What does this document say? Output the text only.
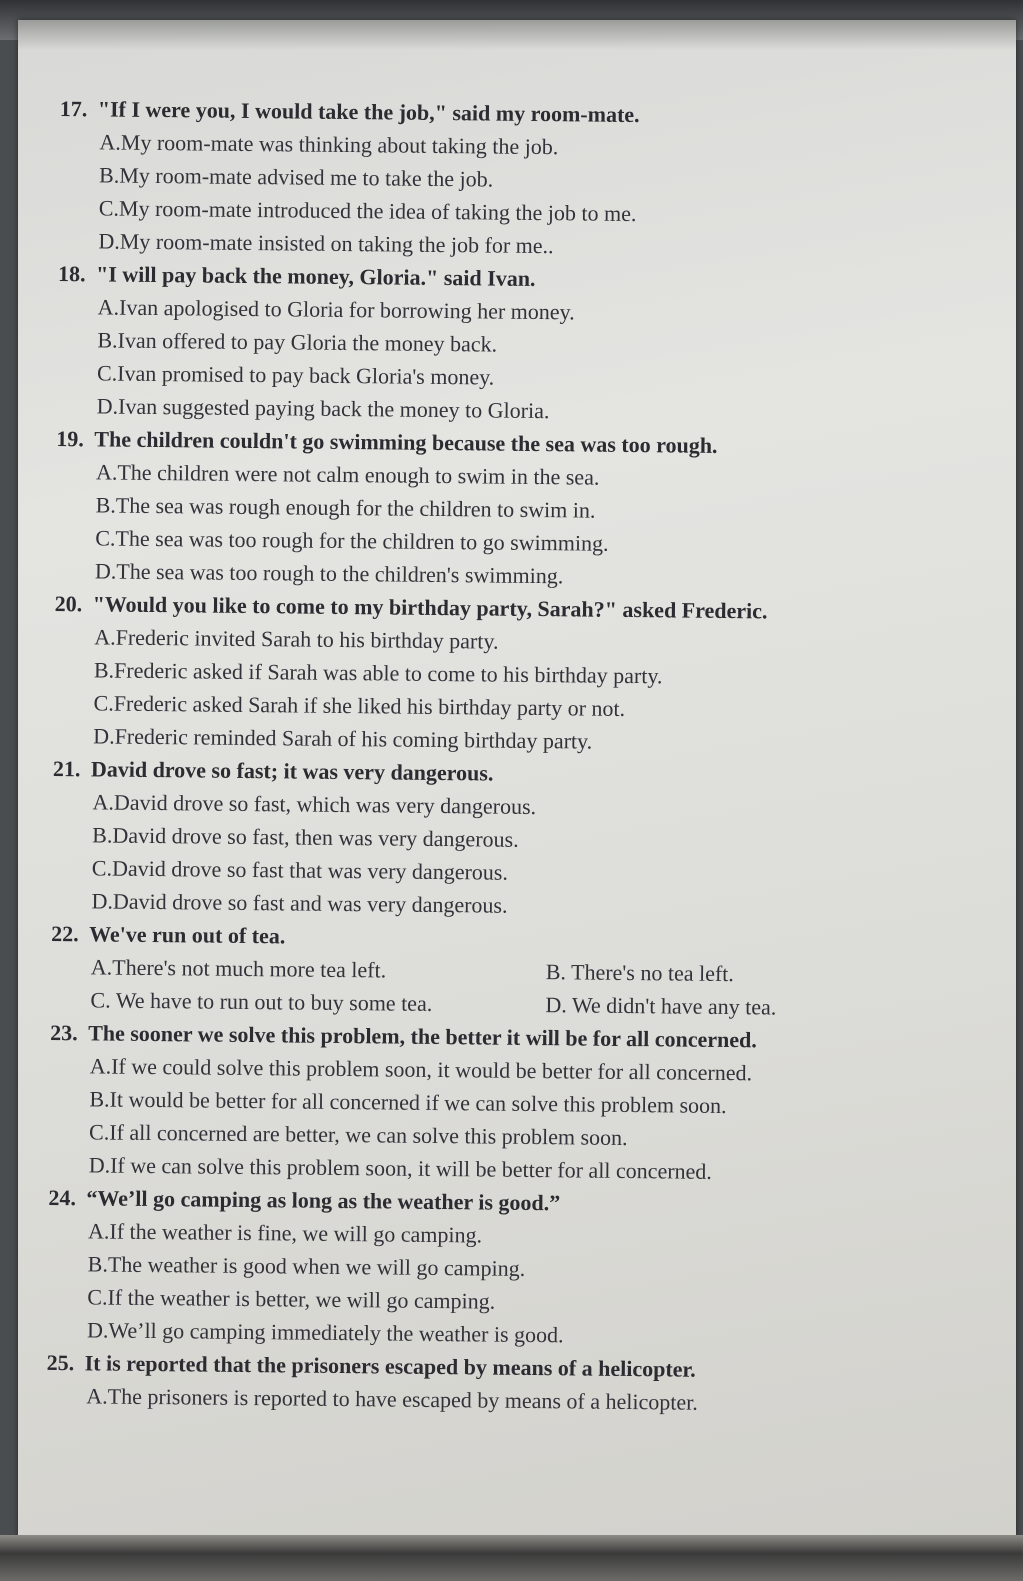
17. "If I were you, I would take the job," said my room-mate.
A.My room-mate was thinking about taking the job.
B.My room-mate advised me to take the job.
C.My room-mate introduced the idea of taking the job to me.
D.My room-mate insisted on taking the job for me..
18. "I will pay back the money, Gloria." said Ivan.
A.Ivan apologised to Gloria for borrowing her money.
B.Ivan offered to pay Gloria the money back.
C.Ivan promised to pay back Gloria's money.
D.Ivan suggested paying back the money to Gloria.
19. The children couldn't go swimming because the sea was too rough.
A.The children were not calm enough to swim in the sea.
B.The sea was rough enough for the children to swim in.
C.The sea was too rough for the children to go swimming.
D.The sea was too rough to the children's swimming.
20. "Would you like to come to my birthday party, Sarah?" asked Frederic.
A.Frederic invited Sarah to his birthday party.
B.Frederic asked if Sarah was able to come to his birthday party.
C.Frederic asked Sarah if she liked his birthday party or not.
D.Frederic reminded Sarah of his coming birthday party.
21. David drove so fast; it was very dangerous.
A.David drove so fast, which was very dangerous.
B.David drove so fast, then was very dangerous.
C.David drove so fast that was very dangerous.
D.David drove so fast and was very dangerous.
22. We've run out of tea.
A.There's not much more tea left.	B. There's no tea left.
C. We have to run out to buy some tea.	D. We didn't have any tea.
23. The sooner we solve this problem, the better it will be for all concerned.
A.If we could solve this problem soon, it would be better for all concerned.
B.It would be better for all concerned if we can solve this problem soon.
C.If all concerned are better, we can solve this problem soon.
D.If we can solve this problem soon, it will be better for all concerned.
24. “We’ll go camping as long as the weather is good.”
A.If the weather is fine, we will go camping.
B.The weather is good when we will go camping.
C.If the weather is better, we will go camping.
D.We’ll go camping immediately the weather is good.
25. It is reported that the prisoners escaped by means of a helicopter.
A.The prisoners is reported to have escaped by means of a helicopter.
